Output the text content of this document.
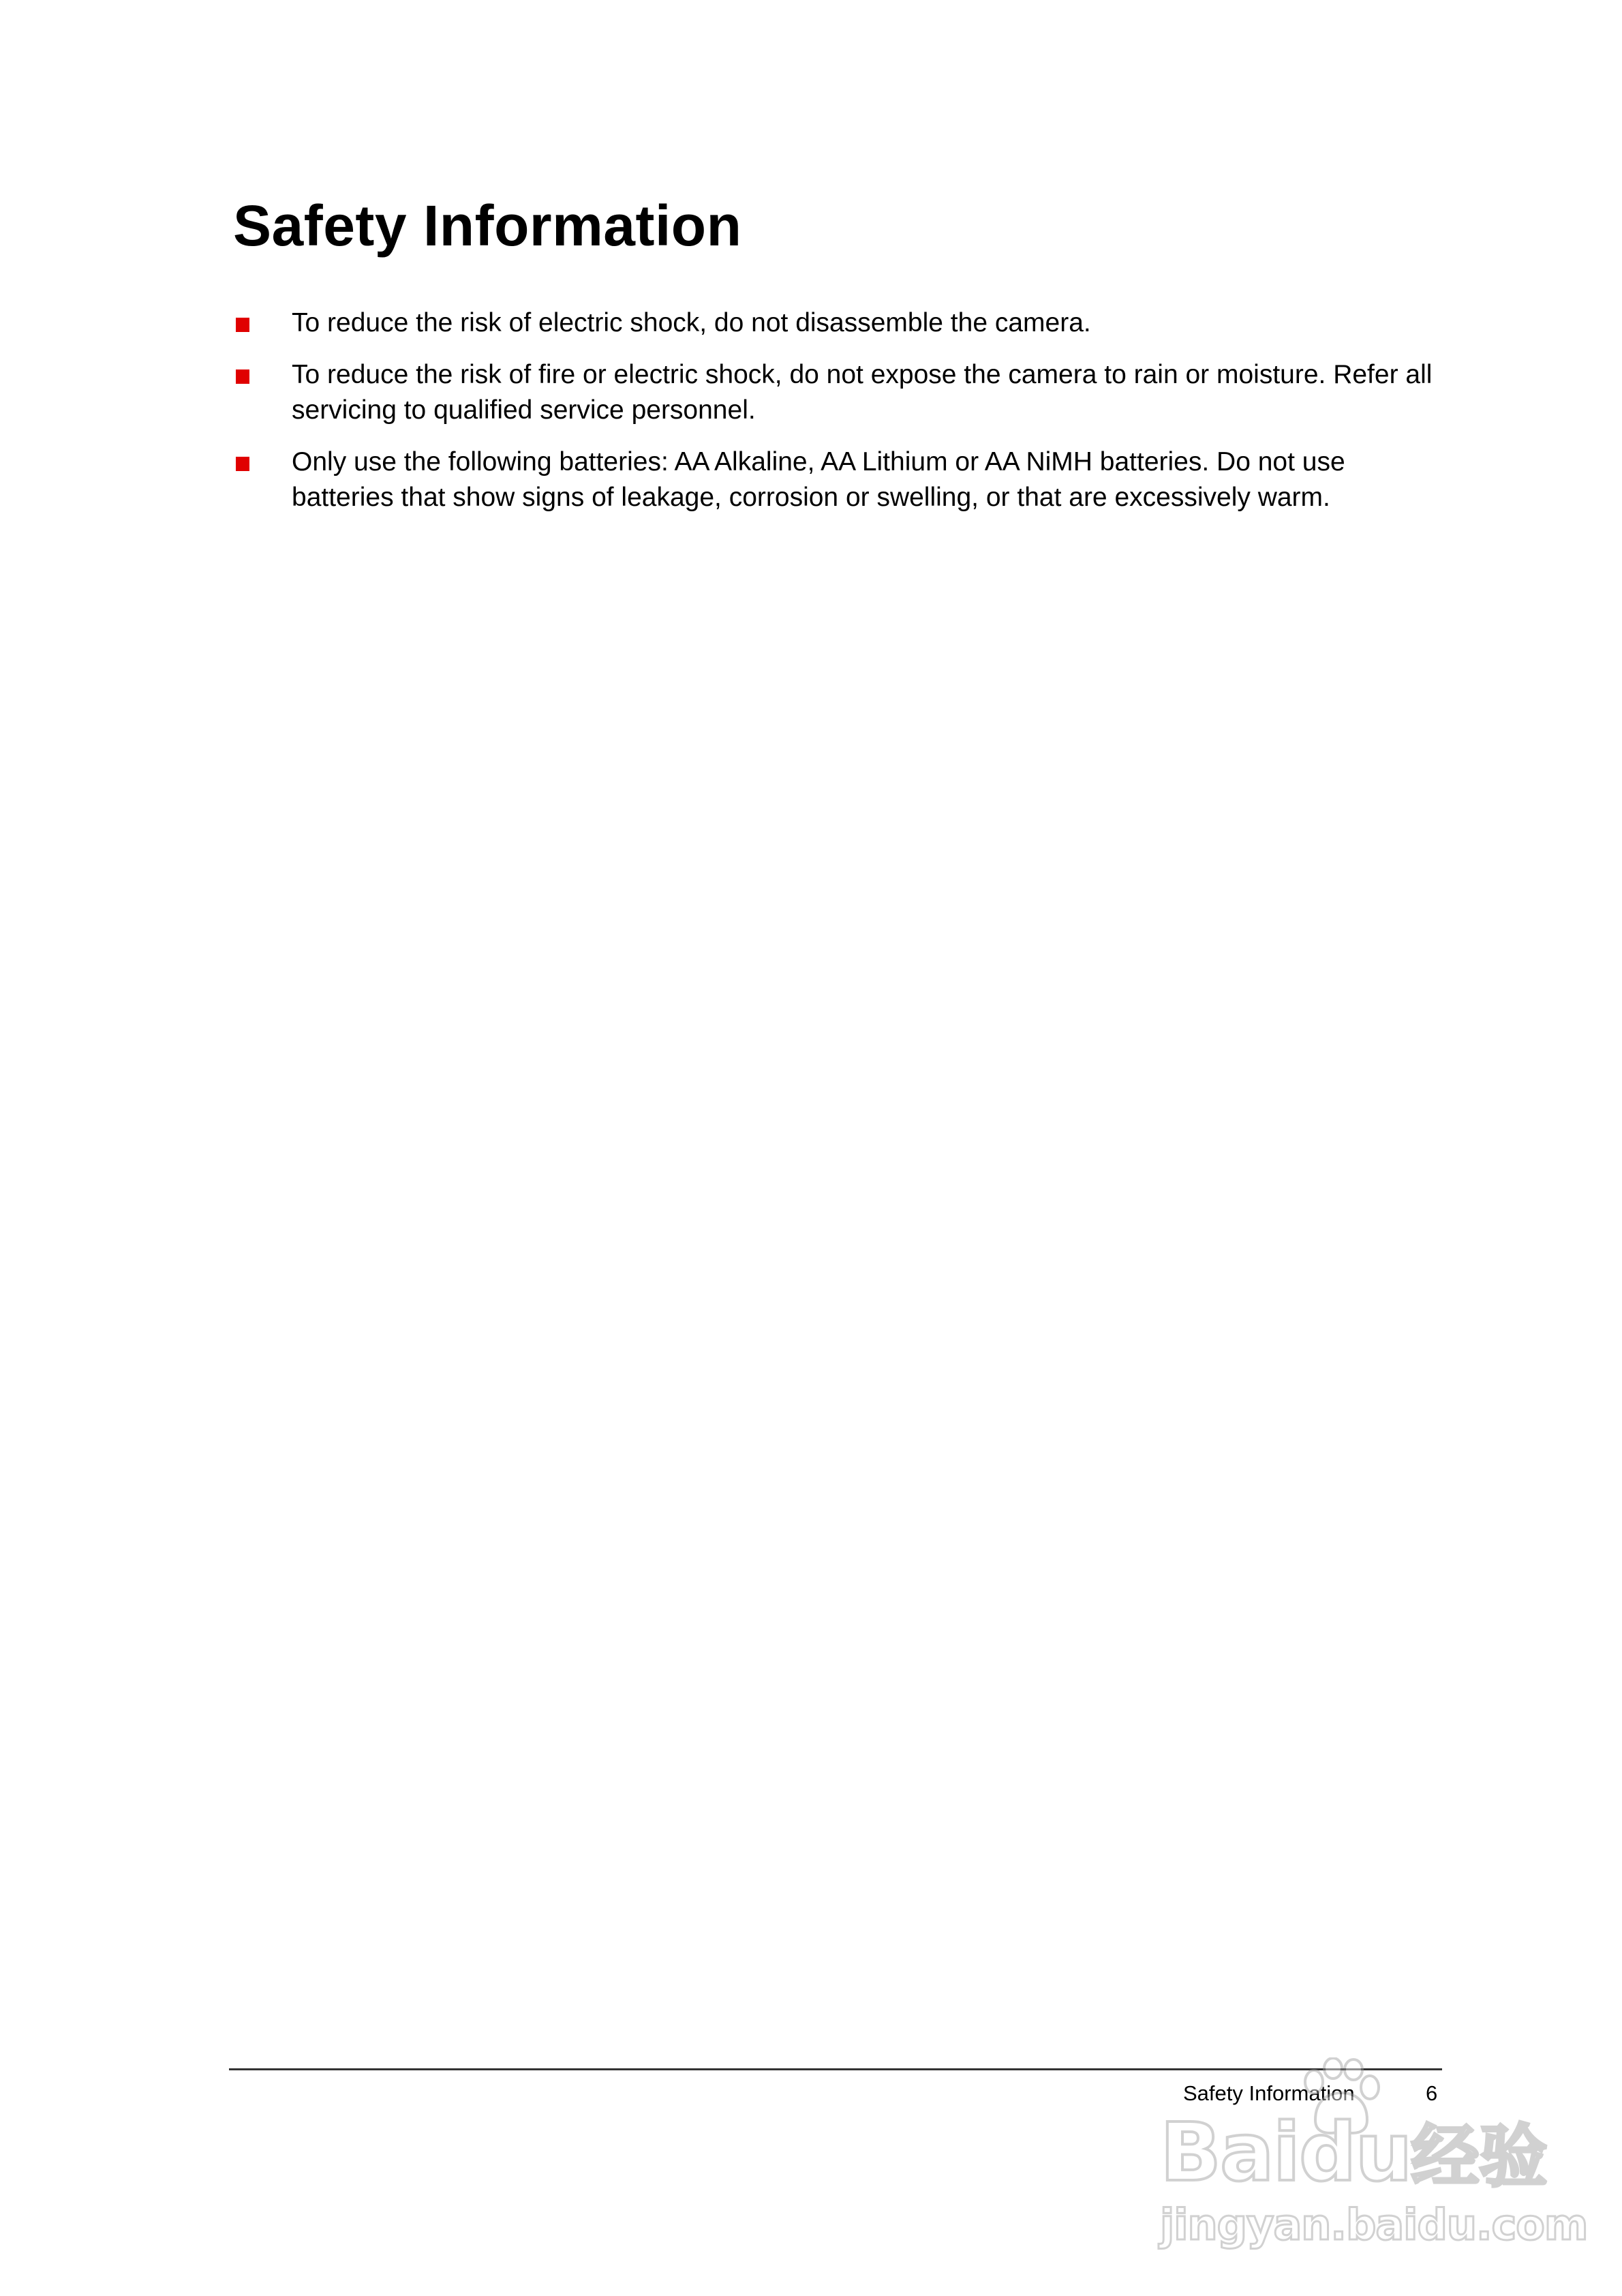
Safety Information
To reduce the risk of electric shock, do not disassemble the camera.
To reduce the risk of fire or electric shock, do not expose the camera to rain or moisture. Refer all servicing to qualified service personnel.
Only use the following batteries: AA Alkaline, AA Lithium or AA NiMH batteries. Do not use batteries that show signs of leakage, corrosion or swelling, or that are excessively warm.
Safety Information	6
Baidu经验
jingyan.baidu.com
